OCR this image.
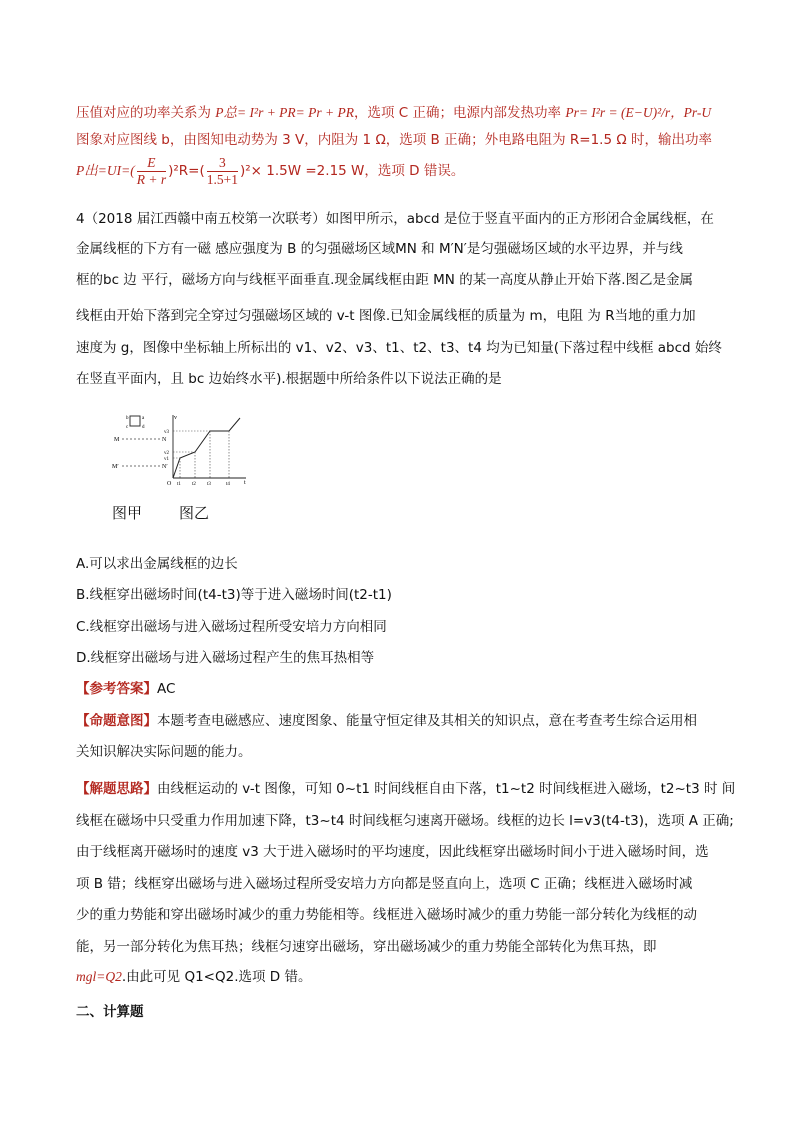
压值对应的功率关系为 P总= I²r + PR= Pr + PR，选项 C 正确；电源内部发热功率 Pr= I²r = (E−U)²/r，Pr-U
图象对应图线 b，由图知电动势为 3 V，内阻为 1 Ω，选项 B 正确；外电路电阻为 R=1.5 Ω 时，输出功率
P出$=UI=( \frac{E}{R + r} )^2R=( \frac{3}{1.5+1} )^2\times 1.5W =2.15$ W，选项 D 错误。
4（2018 届江西赣中南五校第一次联考）如图甲所示，abcd 是位于竖直平面内的正方形闭合金属线框，在
金属线框的下方有一磁 感应强度为 B 的匀强磁场区域MN 和 M′N′是匀强磁场区域的水平边界，并与线
框的bc 边 平行，磁场方向与线框平面垂直.现金属线框由距 MN 的某一高度从静止开始下落.图乙是金属
线框由开始下落到完全穿过匀强磁场区域的 v-t 图像.已知金属线框的质量为 m，电阻 为 R当地的重力加
速度为 g，图像中坐标轴上所标出的 v1、v2、v3、t1、t2、t3、t4 均为已知量(下落过程中线框 abcd 始终
在竖直平面内，且 bc 边始终水平).根据题中所给条件以下说法正确的是
a
b
d
c
M	N
M′	N′
v
t
O
v1
v2
v3
t1 t2 t3	t4
图甲 图乙
A.可以求出金属线框的边长
B.线框穿出磁场时间(t4-t3)等于进入磁场时间(t2-t1)
C.线框穿出磁场与进入磁场过程所受安培力方向相同
D.线框穿出磁场与进入磁场过程产生的焦耳热相等
【参考答案】AC
【命题意图】本题考查电磁感应、速度图象、能量守恒定律及其相关的知识点，意在考查考生综合运用相
关知识解决实际问题的能力。
【解题思路】由线框运动的 v-t 图像，可知 0~t1 时间线框自由下落，t1~t2 时间线框进入磁场，t2~t3 时 间
线框在磁场中只受重力作用加速下降，t3~t4 时间线框匀速离开磁场。线框的边长 l=v3(t4-t3)，选项 A 正确;
由于线框离开磁场时的速度 v3 大于进入磁场时的平均速度，因此线框穿出磁场时间小于进入磁场时间，选
项 B 错；线框穿出磁场与进入磁场过程所受安培力方向都是竖直向上，选项 C 正确；线框进入磁场时减
少的重力势能和穿出磁场时减少的重力势能相等。线框进入磁场时减少的重力势能一部分转化为线框的动
能，另一部分转化为焦耳热；线框匀速穿出磁场，穿出磁场减少的重力势能全部转化为焦耳热，即
mgl=Q2.由此可见 Q1<Q2.选项 D 错。
二、计算题
